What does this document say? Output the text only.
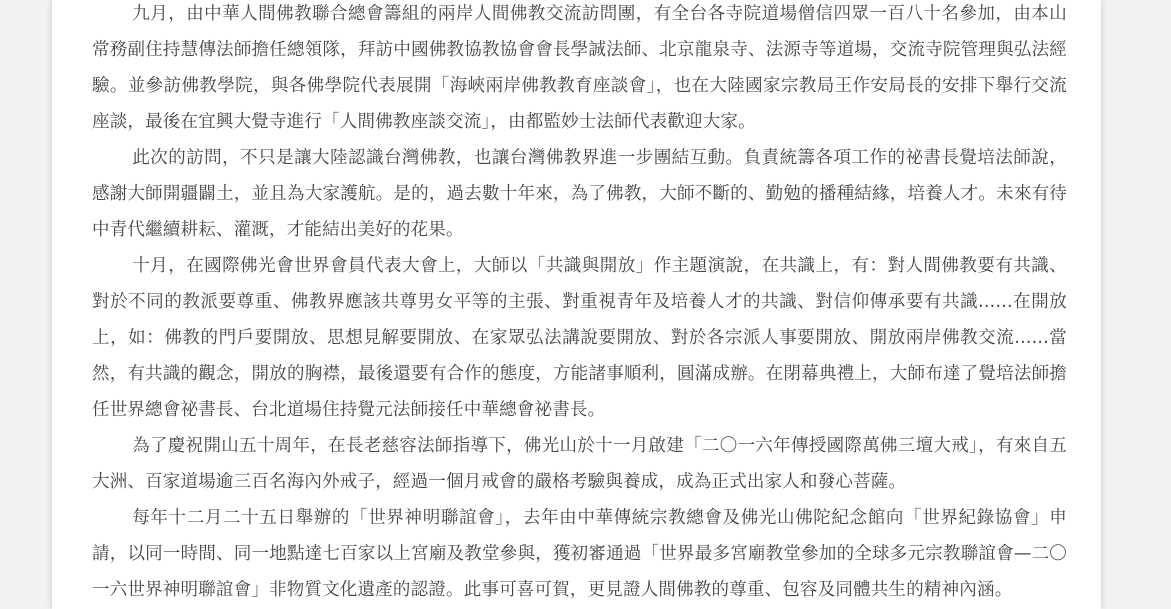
九月，由中華人間佛教聯合總會籌組的兩岸人間佛教交流訪問團，有全台各寺院道場僧信四眾一百八十名參加，由本山常務副住持慧傳法師擔任總領隊，拜訪中國佛教協教協會會長學誠法師、北京龍泉寺、法源寺等道場，交流寺院管理與弘法經驗。並參訪佛教學院，與各佛學院代表展開「海峽兩岸佛教教育座談會」，也在大陸國家宗教局王作安局長的安排下舉行交流座談，最後在宜興大覺寺進行「人間佛教座談交流」，由都監妙士法師代表歡迎大家。

此次的訪問，不只是讓大陸認識台灣佛教，也讓台灣佛教界進一步團結互動。負責統籌各項工作的祕書長覺培法師說，感謝大師開疆闢土，並且為大家護航。是的，過去數十年來，為了佛教，大師不斷的、勤勉的播種結緣，培養人才。未來有待中青代繼續耕耘、灌溉，才能結出美好的花果。

十月，在國際佛光會世界會員代表大會上，大師以「共識與開放」作主題演說，在共識上，有：對人間佛教要有共識、對於不同的教派要尊重、佛教界應該共尊男女平等的主張、對重視青年及培養人才的共識、對信仰傳承要有共識......在開放上，如：佛教的門戶要開放、思想見解要開放、在家眾弘法講說要開放、對於各宗派人事要開放、開放兩岸佛教交流......當然，有共識的觀念，開放的胸襟，最後還要有合作的態度，方能諸事順利，圓滿成辦。在閉幕典禮上，大師布達了覺培法師擔任世界總會祕書長、台北道場住持覺元法師接任中華總會祕書長。

為了慶祝開山五十周年，在長老慈容法師指導下，佛光山於十一月啟建「二〇一六年傳授國際萬佛三壇大戒」，有來自五大洲、百家道場逾三百名海內外戒子，經過一個月戒會的嚴格考驗與養成，成為正式出家人和發心菩薩。

每年十二月二十五日舉辦的「世界神明聯誼會」，去年由中華傳統宗教總會及佛光山佛陀紀念館向「世界紀錄協會」申請，以同一時間、同一地點達七百家以上宮廟及教堂參與，獲初審通過「世界最多宮廟教堂參加的全球多元宗教聯誼會—二〇一六世界神明聯誼會」非物質文化遺產的認證。此事可喜可賀，更見證人間佛教的尊重、包容及同體共生的精神內涵。
